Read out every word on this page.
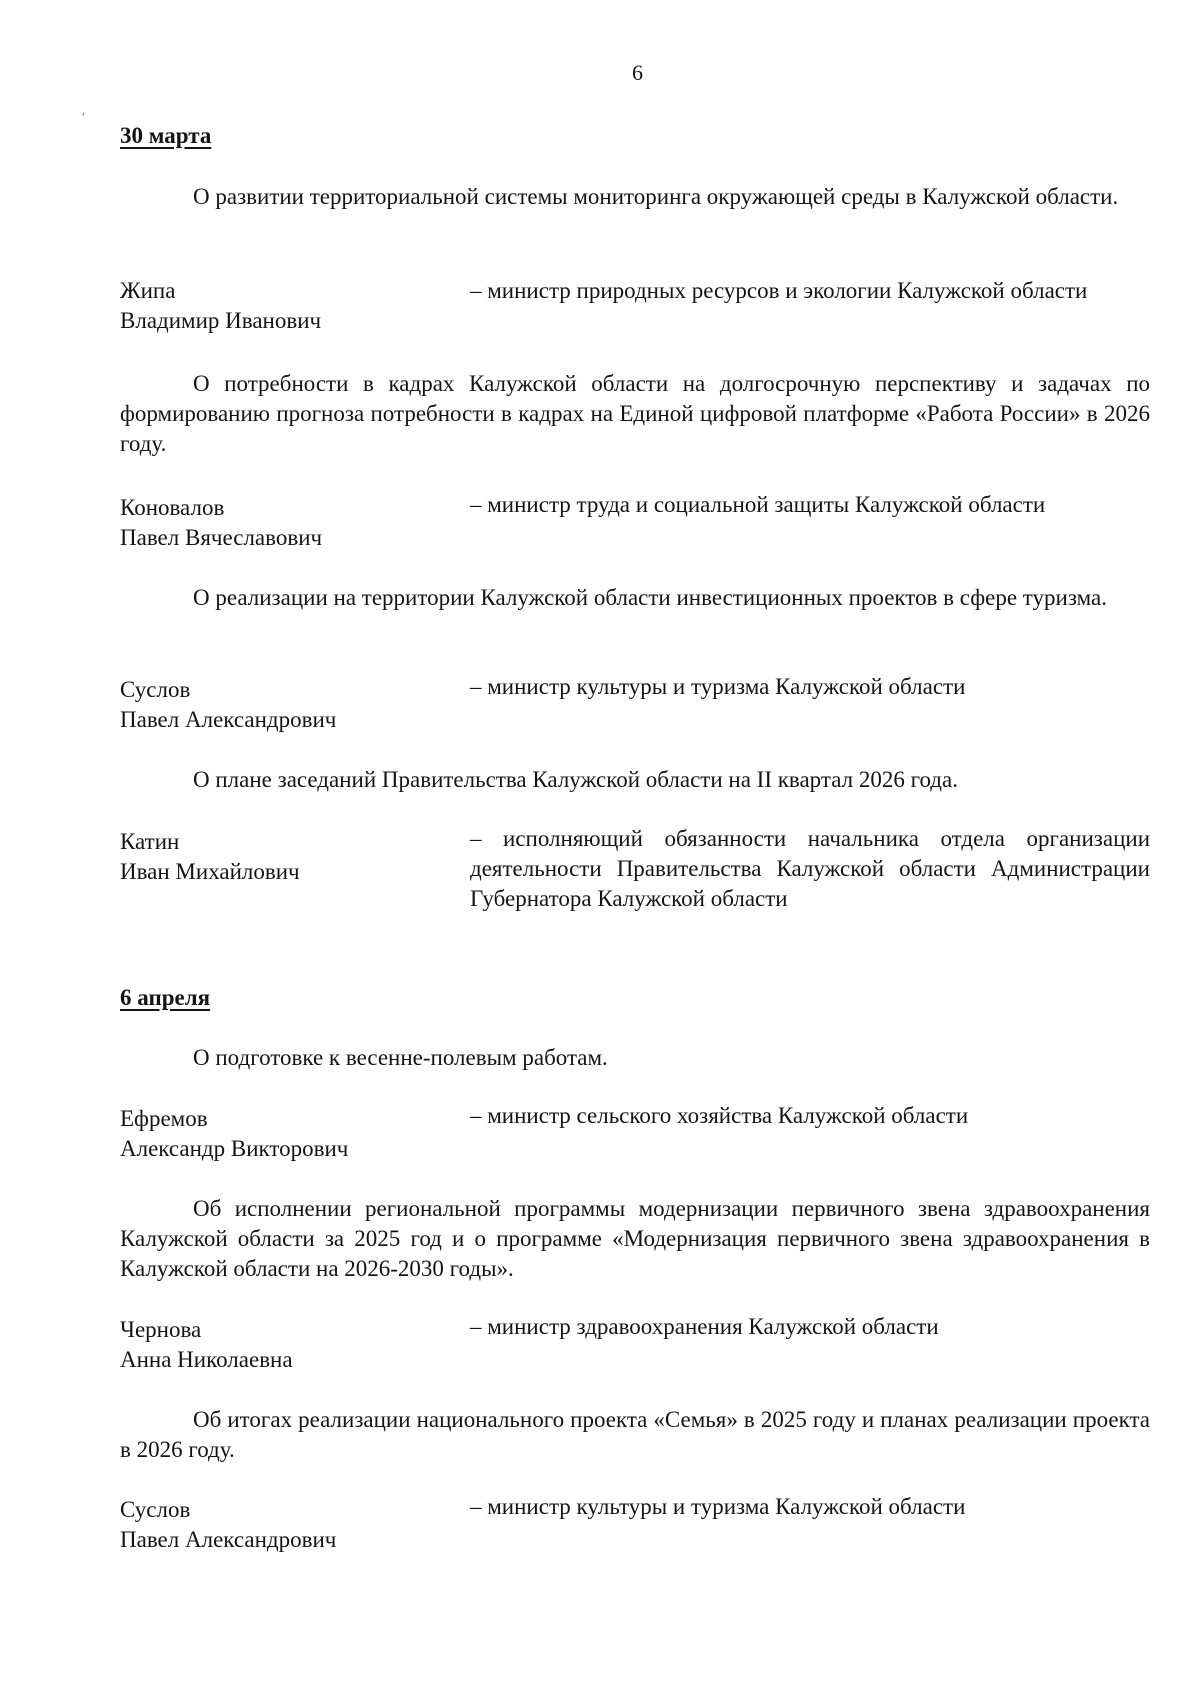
6
'
30 марта
О развитии территориальной системы мониторинга окружающей среды в Калужской области.
Жипа
Владимир Иванович
– министр природных ресурсов и экологии Калужской области
О потребности в кадрах Калужской области на долгосрочную перспективу и задачах по формированию прогноза потребности в кадрах на Единой цифровой платформе «Работа России» в 2026 году.
Коновалов
Павел Вячеславович
– министр труда и социальной защиты Калужской области
О реализации на территории Калужской области инвестиционных проектов в сфере туризма.
Суслов
Павел Александрович
– министр культуры и туризма Калужской области
О плане заседаний Правительства Калужской области на II квартал 2026 года.
Катин
Иван Михайлович
– исполняющий обязанности начальника отдела организации деятельности Правительства Калужской области Администрации Губернатора Калужской области
6 апреля
О подготовке к весенне-полевым работам.
Ефремов
Александр Викторович
– министр сельского хозяйства Калужской области
Об исполнении региональной программы модернизации первичного звена здравоохранения Калужской области за 2025 год и о программе «Модернизация первичного звена здравоохранения в Калужской области на 2026-2030 годы».
Чернова
Анна Николаевна
– министр здравоохранения Калужской области
Об итогах реализации национального проекта «Семья» в 2025 году и планах реализации проекта в 2026 году.
Суслов
Павел Александрович
– министр культуры и туризма Калужской области
